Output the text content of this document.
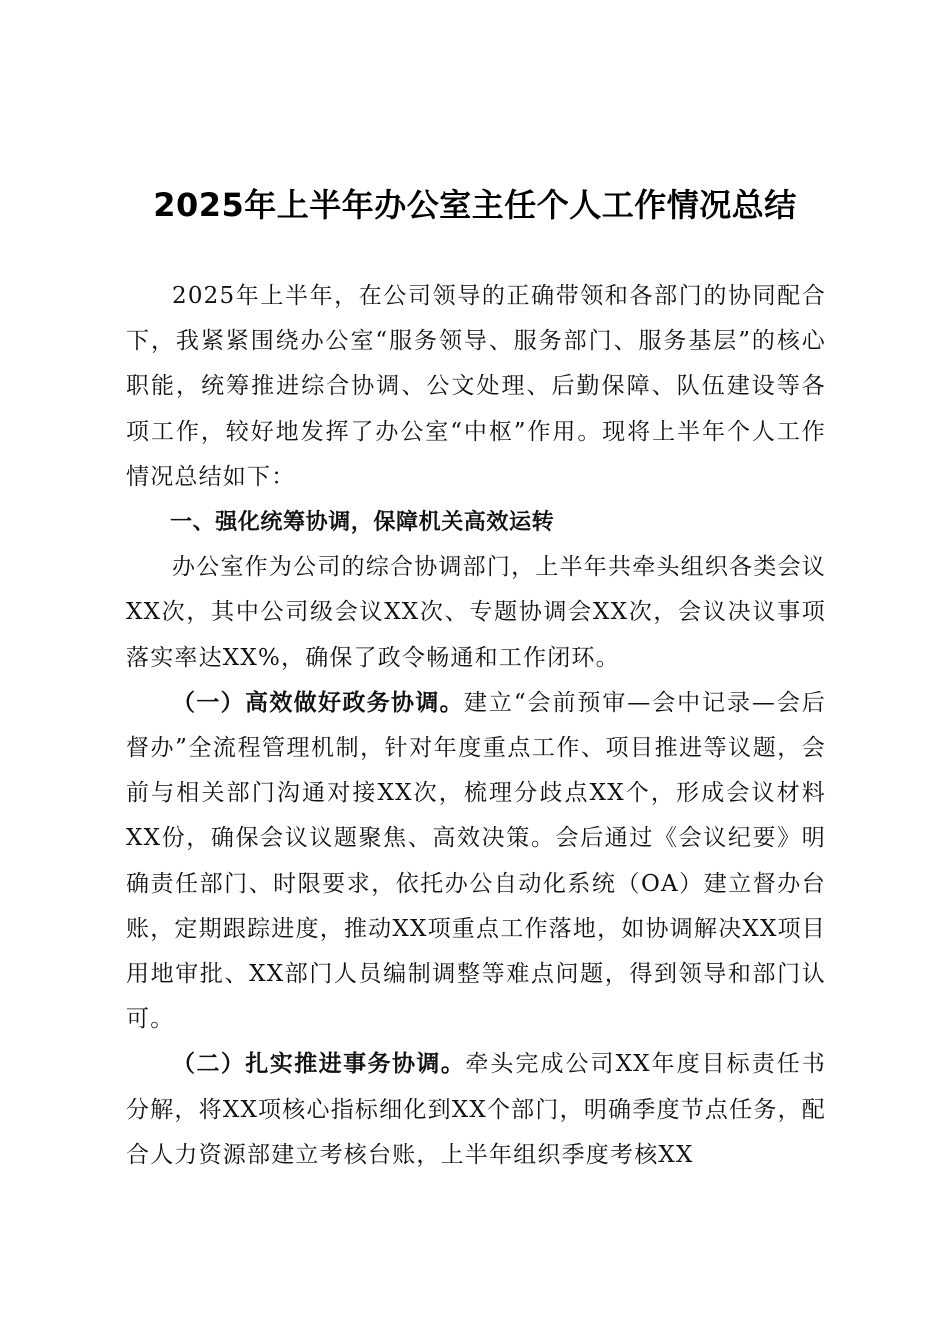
2025年上半年办公室主任个人工作情况总结

2025年上半年，在公司领导的正确带领和各部门的协同配合下，我紧紧围绕办公室“服务领导、服务部门、服务基层”的核心职能，统筹推进综合协调、公文处理、后勤保障、队伍建设等各项工作，较好地发挥了办公室“中枢”作用。现将上半年个人工作情况总结如下：

一、强化统筹协调，保障机关高效运转

办公室作为公司的综合协调部门，上半年共牵头组织各类会议XX次，其中公司级会议XX次、专题协调会XX次，会议决议事项落实率达XX%，确保了政令畅通和工作闭环。

（一）高效做好政务协调。建立“会前预审—会中记录—会后督办”全流程管理机制，针对年度重点工作、项目推进等议题，会前与相关部门沟通对接XX次，梳理分歧点XX个，形成会议材料XX份，确保会议议题聚焦、高效决策。会后通过《会议纪要》明确责任部门、时限要求，依托办公自动化系统（OA）建立督办台账，定期跟踪进度，推动XX项重点工作落地，如协调解决XX项目用地审批、XX部门人员编制调整等难点问题，得到领导和部门认可。

（二）扎实推进事务协调。牵头完成公司XX年度目标责任书分解，将XX项核心指标细化到XX个部门，明确季度节点任务，配合人力资源部建立考核台账，上半年组织季度考核XX
